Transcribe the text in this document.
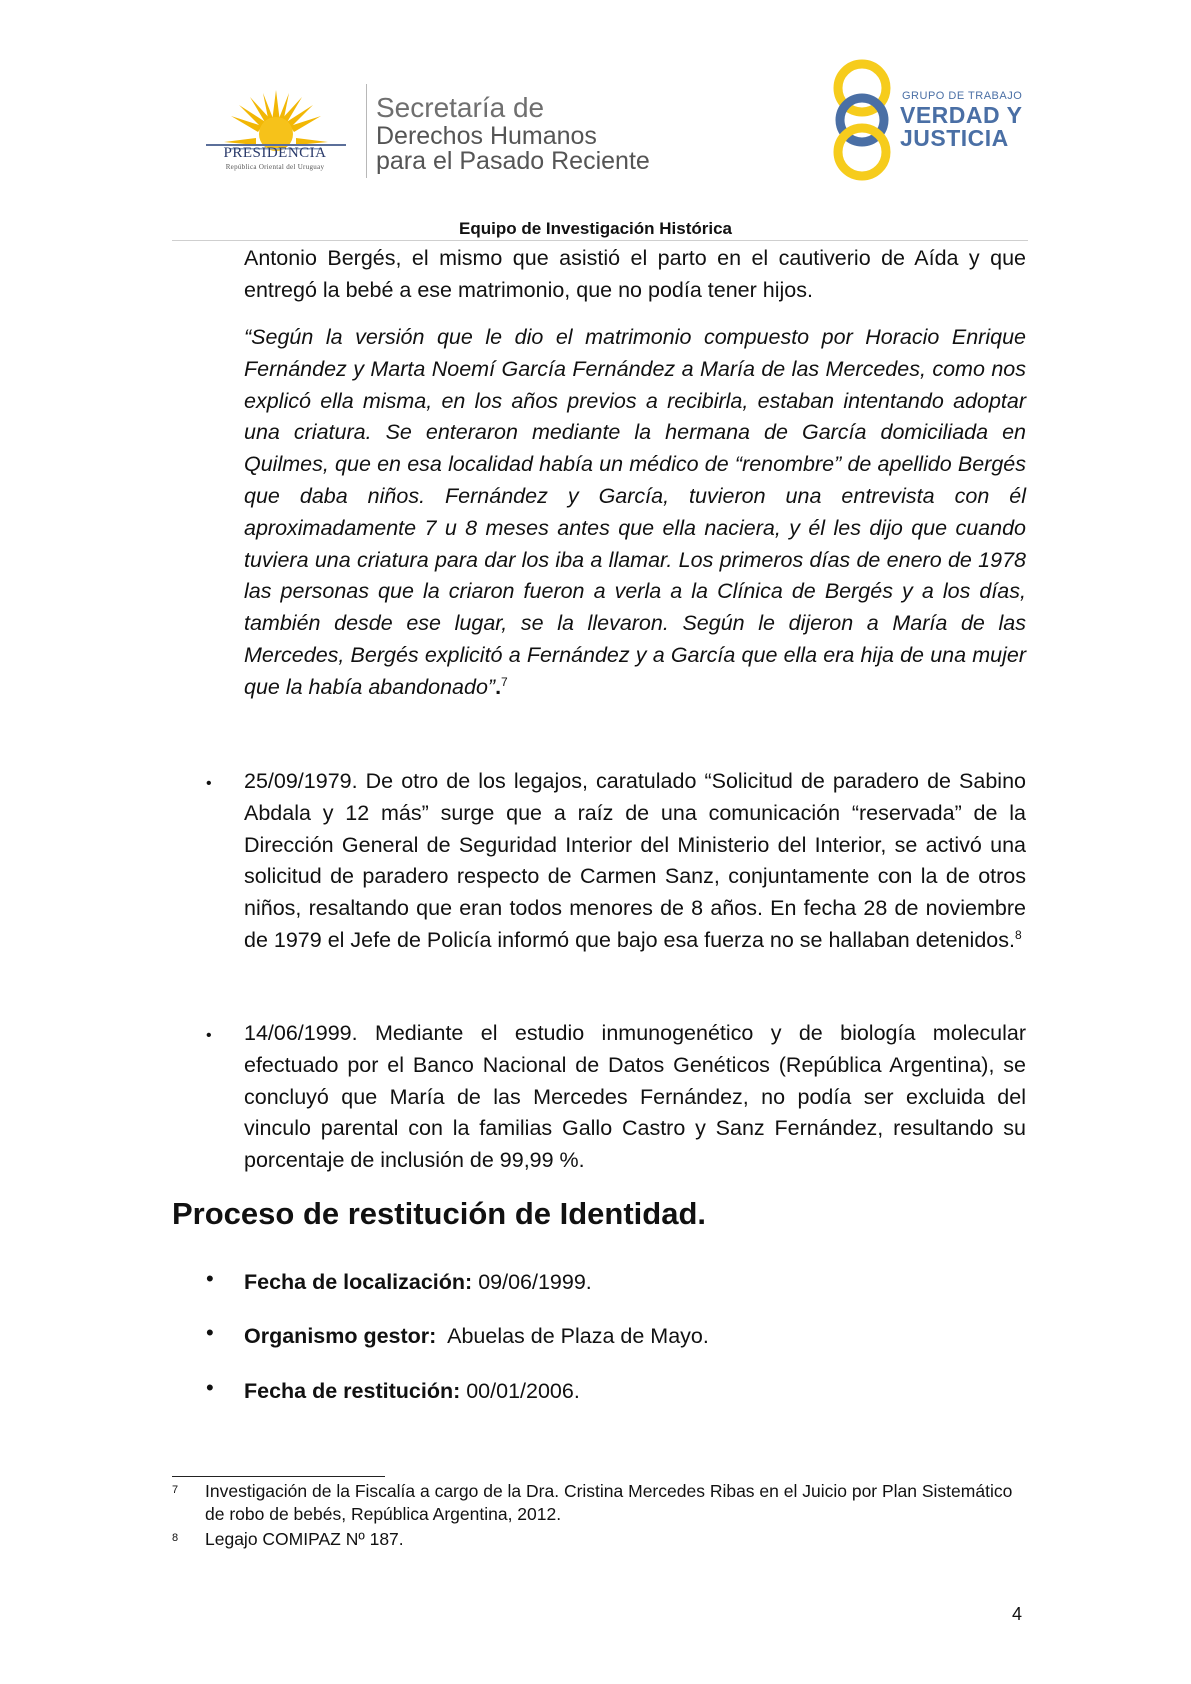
PRESIDENCIA
República Oriental del Uruguay
Secretaría de
Derechos Humanos
para el Pasado Reciente
GRUPO DE TRABAJO
VERDAD Y
JUSTICIA
Equipo de Investigación Histórica
Antonio Bergés, el mismo que asistió el parto en el cautiverio de Aída y que entregó la bebé a ese matrimonio, que no podía tener hijos.
“Según la versión que le dio el matrimonio compuesto por Horacio Enrique Fernández y Marta Noemí García Fernández a María de las Mercedes, como nos explicó ella misma, en los años previos a recibirla, estaban intentando adoptar una criatura. Se enteraron mediante la hermana de García domiciliada en Quilmes, que en esa localidad había un médico de “renombre” de apellido Bergés que daba niños. Fernández y García, tuvieron una entrevista con él aproximadamente 7 u 8 meses antes que ella naciera, y él les dijo que cuando tuviera una criatura para dar los iba a llamar. Los primeros días de enero de 1978 las personas que la criaron fueron a verla a la Clínica de Bergés y a los días, también desde ese lugar, se la llevaron. Según le dijeron a María de las Mercedes, Bergés explicitó a Fernández y a García que ella era hija de una mujer que la había abandonado”.$^7$
• 25/09/1979. De otro de los legajos, caratulado “Solicitud de paradero de Sabino Abdala y 12 más” surge que a raíz de una comunicación “reservada” de la Dirección General de Seguridad Interior del Ministerio del Interior, se activó una solicitud de paradero respecto de Carmen Sanz, conjuntamente con la de otros niños, resaltando que eran todos menores de 8 años. En fecha 28 de noviembre de 1979 el Jefe de Policía informó que bajo esa fuerza no se hallaban detenidos.$^8$
• 14/06/1999. Mediante el estudio inmunogenético y de biología molecular efectuado por el Banco Nacional de Datos Genéticos (República Argentina), se concluyó que María de las Mercedes Fernández, no podía ser excluida del vinculo parental con la familias Gallo Castro y Sanz Fernández, resultando su porcentaje de inclusión de 99,99 %.
Proceso de restitución de Identidad.
• Fecha de localización: 09/06/1999.
• Organismo gestor:  Abuelas de Plaza de Mayo.
• Fecha de restitución: 00/01/2006.
7 Investigación de la Fiscalía a cargo de la Dra. Cristina Mercedes Ribas en el Juicio por Plan Sistemático de robo de bebés, República Argentina, 2012.
8 Legajo COMIPAZ Nº 187.
4
